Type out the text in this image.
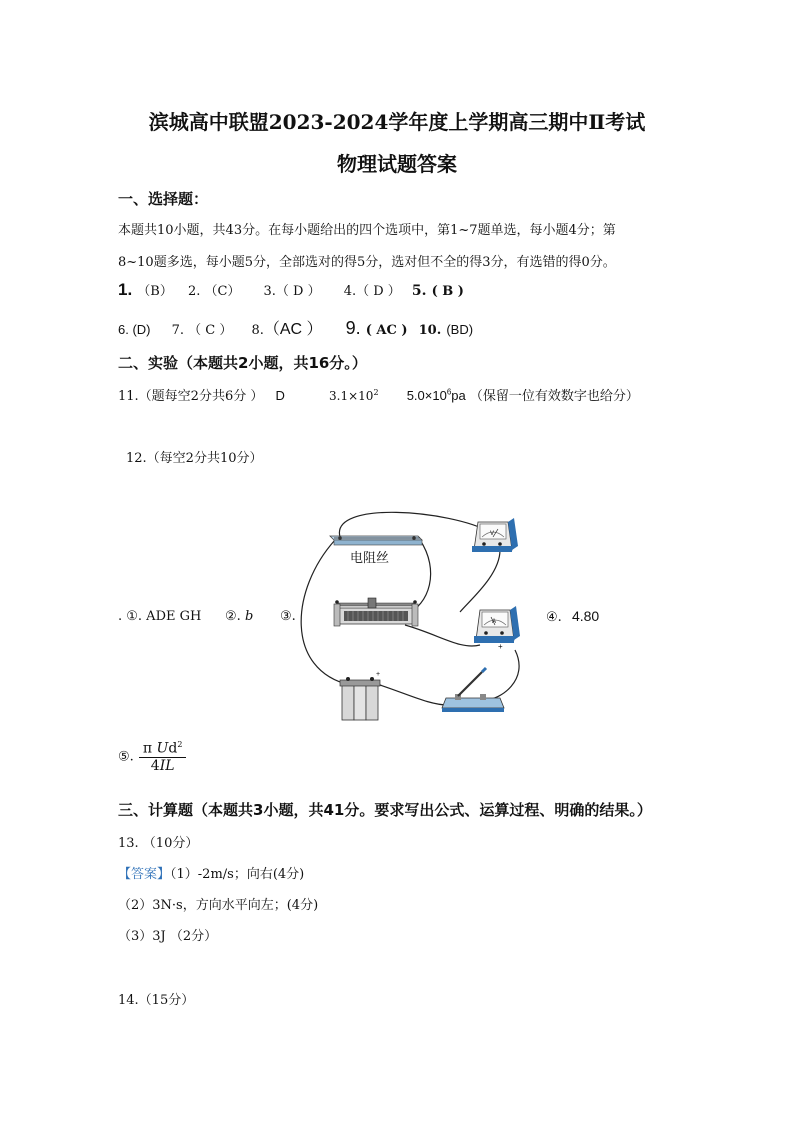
滨城高中联盟2023-2024学年度上学期高三期中Ⅱ考试
物理试题答案
一、选择题：
本题共10小题，共43分。在每小题给出的四个选项中，第1~7题单选，每小题4分；第
8~10题多选，每小题5分，全部选对的得5分，选对但不全的得3分，有选错的得0分。
1. （B） 2. （C） 3.（ D ） 4.（ D ） 5. ( B )
6. (D) 7. （ C ） 8.（AC ） 9. ( AC ) 10. (BD)
二、实验（本题共2小题，共16分。）
11.（题每空2分共6分 ） D	$3.1\times 10^2$ $5.0\times 10^6pa$ （保留一位有效数字也给分）
12.（每空2分共10分）
. ①. ADE GH ②. b ③.	④. 4.80
⑤. $\frac{\pi Ud^2}{4IL}$
电阻丝
V
A
+
+
三、计算题（本题共3小题，共41分。要求写出公式、运算过程、明确的结果。）
13. （10分）
【答案】（1）-2m/s；向右(4分)
（2）3N·s，方向水平向左；(4分)
（3）3J （2分）
14.（15分）
